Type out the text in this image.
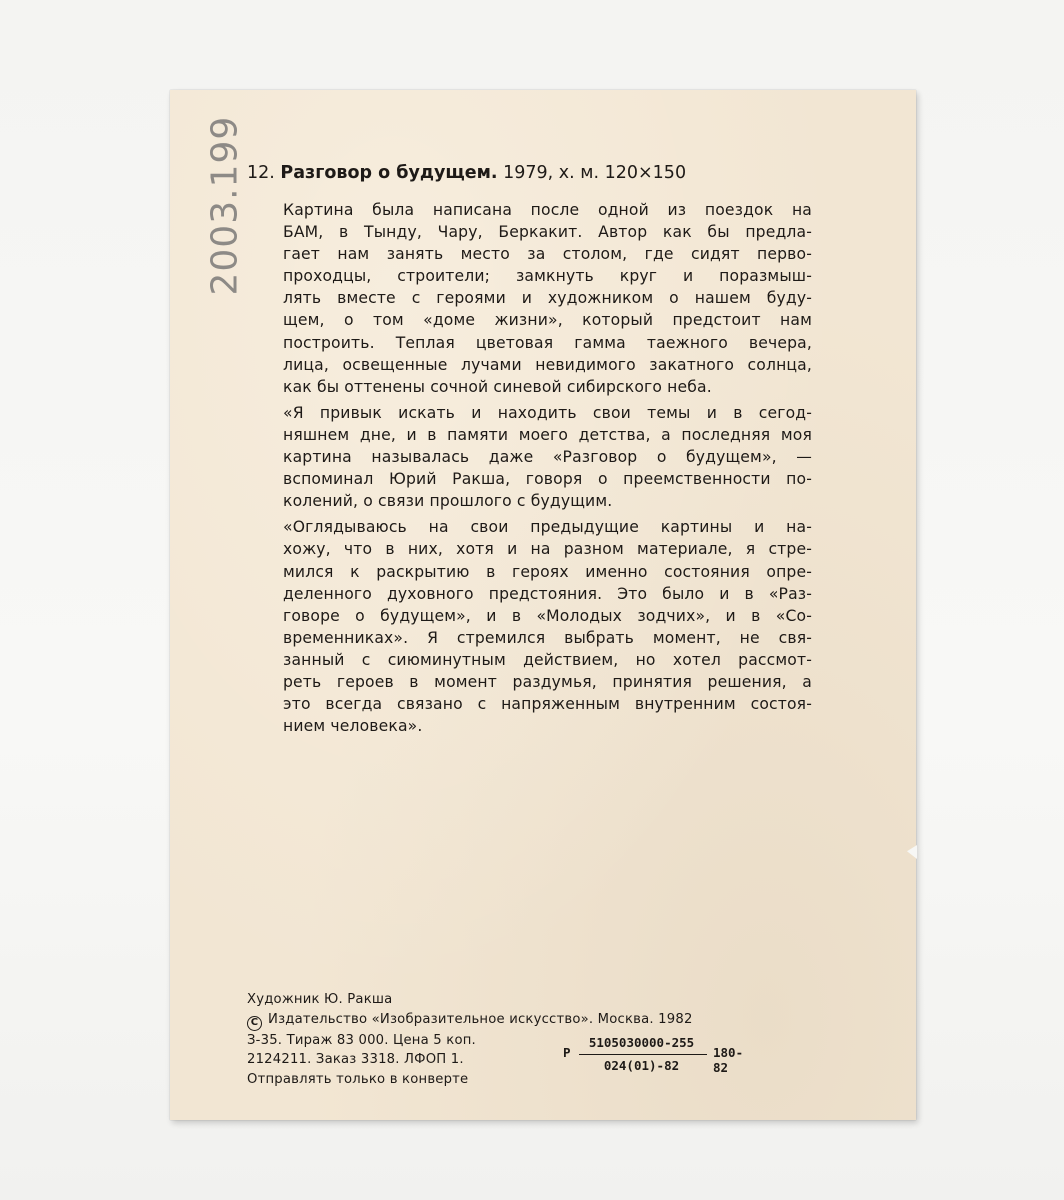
12. Разговор о будущем. 1979, х. м. 120×150

Картина была написана после одной из поездок на
БАМ, в Тынду, Чару, Беркакит. Автор как бы предла-
гает нам занять место за столом, где сидят перво-
проходцы, строители; замкнуть круг и поразмыш-
лять вместе с героями и художником о нашем буду-
щем, о том «доме жизни», который предстоит нам
построить. Теплая цветовая гамма таежного вечера,
лица, освещенные лучами невидимого закатного солнца,
как бы оттенены сочной синевой сибирского неба.

«Я привык искать и находить свои темы и в сегод-
няшнем дне, и в памяти моего детства, а последняя моя
картина называлась даже «Разговор о будущем», —
вспоминал Юрий Ракша, говоря о преемственности по-
колений, о связи прошлого с будущим.

«Оглядываюсь на свои предыдущие картины и на-
хожу, что в них, хотя и на разном материале, я стре-
мился к раскрытию в героях именно состояния опре-
деленного духовного предстояния. Это было и в «Раз-
говоре о будущем», и в «Молодых зодчих», и в «Со-
временниках». Я стремился выбрать момент, не свя-
занный с сиюминутным действием, но хотел рассмот-
реть героев в момент раздумья, принятия решения, а
это всегда связано с напряженным внутренним состоя-
нием человека».

Художник Ю. Ракша
C Издательство «Изобразительное искусство». Москва. 1982
З-35. Тираж 83 000. Цена 5 коп.
2124211. Заказ 3318. ЛФОП 1.
Отправлять только в конверте
Р
5105030000-255
024(01)-82
180-82
2003.199
